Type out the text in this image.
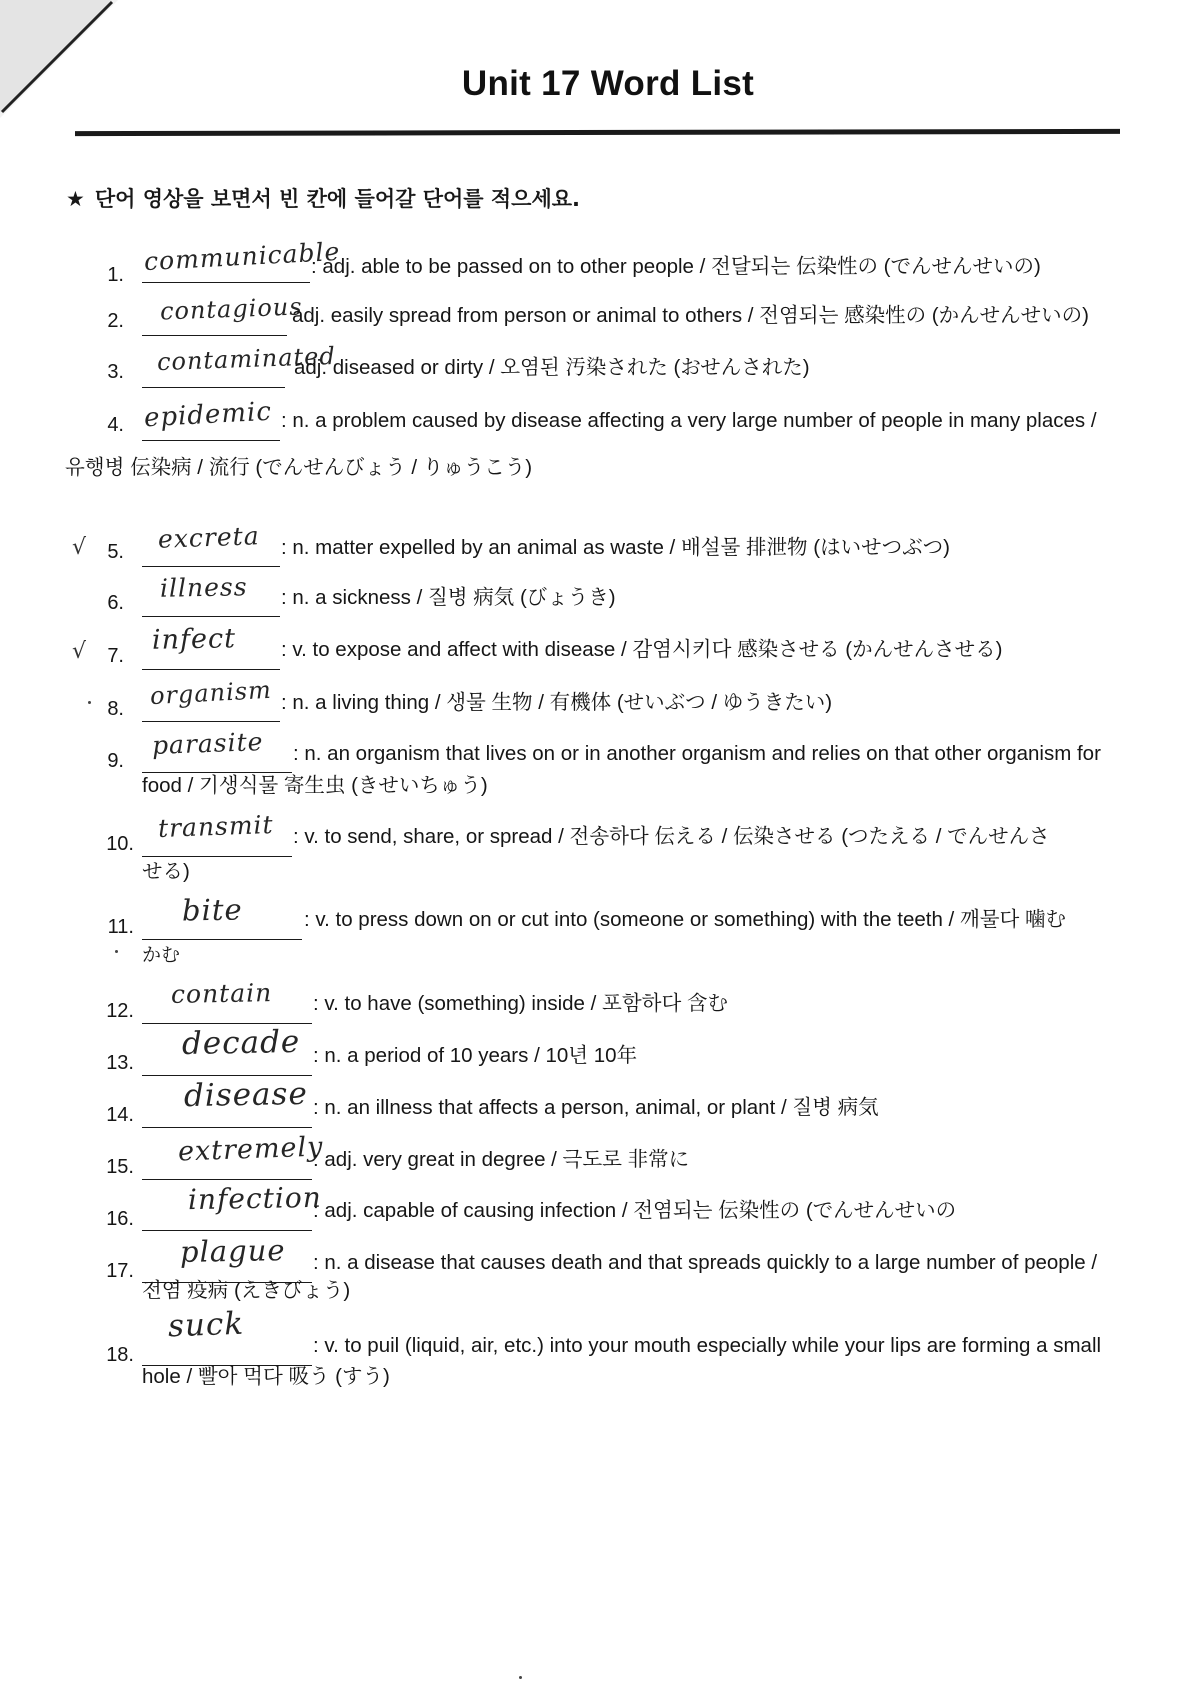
Unit 17 Word List
★ 단어 영상을 보면서 빈 칸에 들어갈 단어를 적으세요.
1. communicable
: adj. able to be passed on to other people / 전달되는 伝染性の (でんせんせいの)
2. contagious
adj. easily spread from person or animal to others / 전염되는 感染性の (かんせんせいの)
3. contaminated
adj. diseased or dirty / 오염된 汚染された (おせんされた)
4. epidemic : n. a problem caused by disease affecting a very large number of people in many places /
유행병 伝染病 / 流行 (でんせんびょう / りゅうこう)
√	5. excreta : n. matter expelled by an animal as waste / 배설물 排泄物 (はいせつぶつ)
6.
illness : n. a sickness / 질병 病気 (びょうき)
√	7.
infect : v. to expose and affect with disease / 감염시키다 感染させる (かんせんさせる)
8. organism : n. a living thing / 생물 生物 / 有機体 (せいぶつ / ゆうきたい)
9.
parasite : n. an organism that lives on or in another organism and relies on that other organism for
food / 기생식물 寄生虫 (きせいちゅう)
10.
transmit : v. to send, share, or spread / 전송하다 伝える / 伝染させる (つたえる / でんせんさ
せる)
11. bite	: v. to press down on or cut into (someone or something) with the teeth / 깨물다 噛む
かむ
12.
contain : v. to have (something) inside / 포함하다 含む
13.
decade : n. a period of 10 years / 10년 10年
14.
disease : n. an illness that affects a person, animal, or plant / 질병 病気
15. extremely
: adj. very great in degree / 극도로 非常に
16.
infection
: adj. capable of causing infection / 전염되는 伝染性の (でんせんせいの
17.
plague : n. a disease that causes death and that spreads quickly to a large number of people /
전염 疫病 (えきびょう)
18.
suck
: v. to puil (liquid, air, etc.) into your mouth especially while your lips are forming a small
hole / 빨아 먹다 吸う (すう)
